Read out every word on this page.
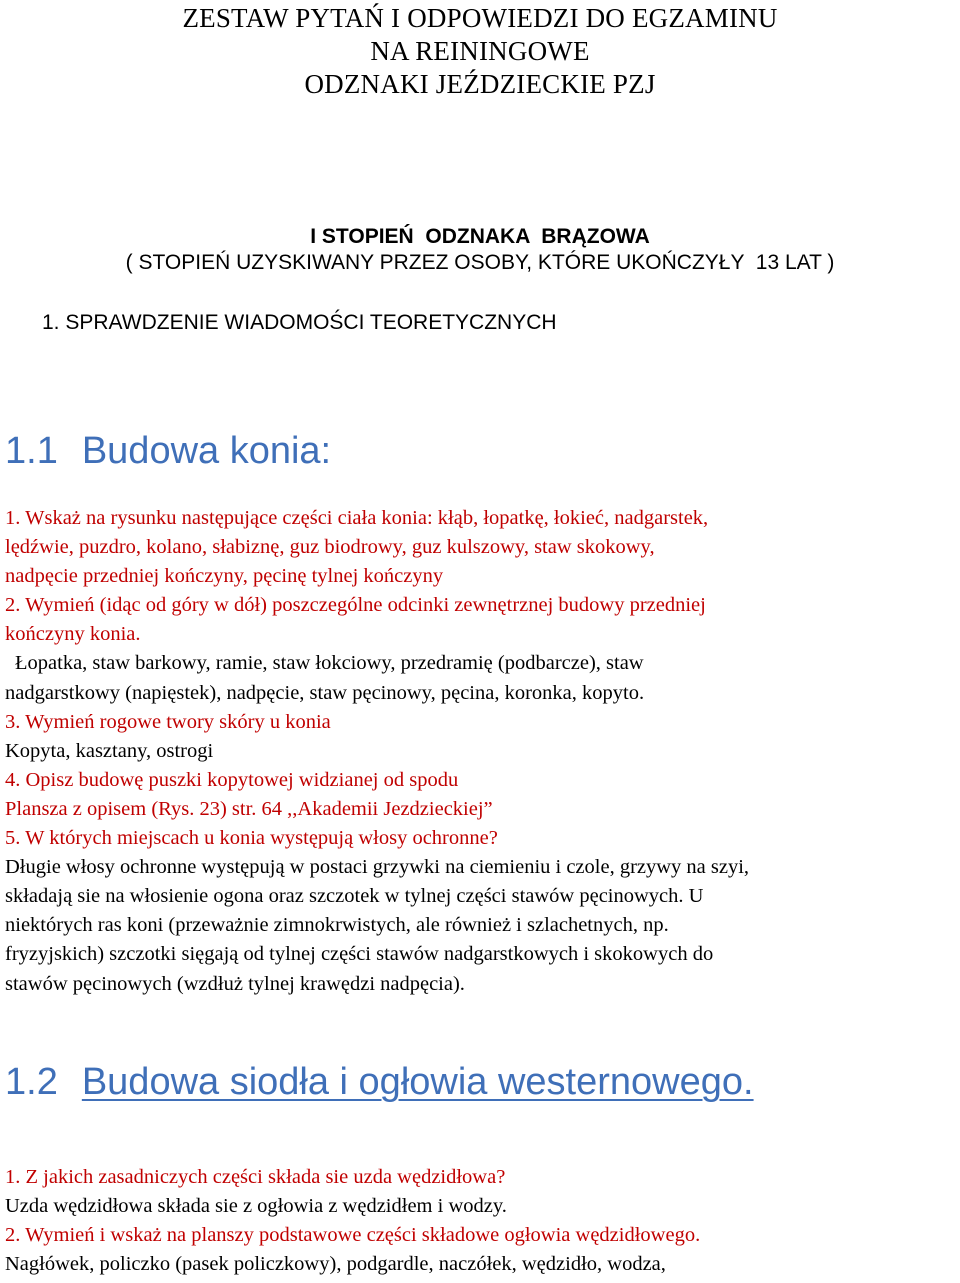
ZESTAW PYTAŃ I ODPOWIEDZI DO EGZAMINU
NA REININGOWE
ODZNAKI JEŹDZIECKIE PZJ
I STOPIEŃ  ODZNAKA  BRĄZOWA
( STOPIEŃ UZYSKIWANY PRZEZ OSOBY, KTÓRE UKOŃCZYŁY  13 LAT )
1. SPRAWDZENIE WIADOMOŚCI TEORETYCZNYCH
1.1 Budowa konia:
1. Wskaż na rysunku następujące części ciała konia: kłąb, łopatkę, łokieć, nadgarstek,
lędźwie, puzdro, kolano, słabiznę, guz biodrowy, guz kulszowy, staw skokowy,
nadpęcie przedniej kończyny, pęcinę tylnej kończyny
2. Wymień (idąc od góry w dół) poszczególne odcinki zewnętrznej budowy przedniej
kończyny konia.
Łopatka, staw barkowy, ramie, staw łokciowy, przedramię (podbarcze), staw
nadgarstkowy (napięstek), nadpęcie, staw pęcinowy, pęcina, koronka, kopyto.
3. Wymień rogowe twory skóry u konia
Kopyta, kasztany, ostrogi
4. Opisz budowę puszki kopytowej widzianej od spodu
Plansza z opisem (Rys. 23) str. 64 ,,Akademii Jezdzieckiej”
5. W których miejscach u konia występują włosy ochronne?
Długie włosy ochronne występują w postaci grzywki na ciemieniu i czole, grzywy na szyi,
składają sie na włosienie ogona oraz szczotek w tylnej części stawów pęcinowych. U
niektórych ras koni (przeważnie zimnokrwistych, ale również i szlachetnych, np.
fryzyjskich) szczotki sięgają od tylnej części stawów nadgarstkowych i skokowych do
stawów pęcinowych (wzdłuż tylnej krawędzi nadpęcia).
1.2 Budowa siodła i ogłowia westernowego.
1. Z jakich zasadniczych części składa sie uzda wędzidłowa?
Uzda wędzidłowa składa sie z ogłowia z wędzidłem i wodzy.
2. Wymień i wskaż na planszy podstawowe części składowe ogłowia wędzidłowego.
Nagłówek, policzko (pasek policzkowy), podgardle, naczółek, wędzidło, wodza,
